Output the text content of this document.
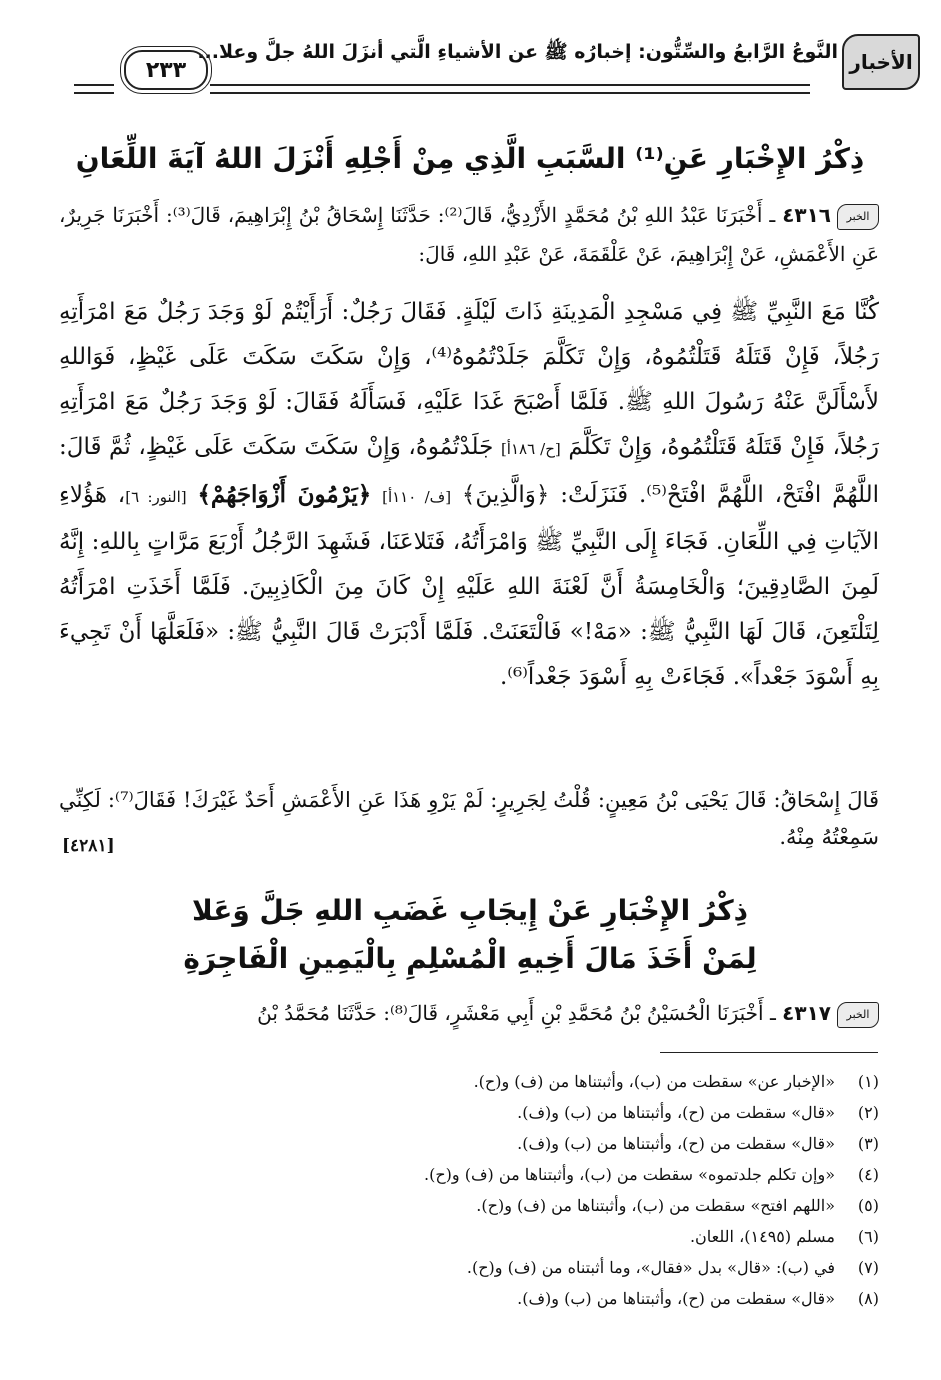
الأخبار
النَّوعُ الرَّابعُ والسِّتُّون: إخبارُه ﷺ عن الأشياءِ الَّتي أنزَلَ اللهُ جلَّ وعلا...
٢٣٣
ذِكْرُ الإِخْبَارِ عَنِ⁽¹⁾ السَّبَبِ الَّذِي مِنْ أَجْلِهِ أَنْزَلَ اللهُ آيَةَ اللِّعَانِ
الخبر٤٣١٦ ـ أَخْبَرَنَا عَبْدُ اللهِ بْنُ مُحَمَّدٍ الأَزْدِيُّ، قَالَ⁽²⁾: حَدَّثَنَا إِسْحَاقُ بْنُ إِبْرَاهِيمَ، قَالَ⁽³⁾: أَخْبَرَنَا جَرِيرٌ، عَنِ الأَعْمَشِ، عَنْ إِبْرَاهِيمَ، عَنْ عَلْقَمَةَ، عَنْ عَبْدِ اللهِ، قَالَ:
كُنَّا مَعَ النَّبِيِّ ﷺ فِي مَسْجِدِ الْمَدِينَةِ ذَاتَ لَيْلَةٍ. فَقَالَ رَجُلٌ: أَرَأَيْتُمْ لَوْ وَجَدَ رَجُلٌ مَعَ امْرَأَتِهِ رَجُلاً، فَإِنْ قَتَلَهُ قَتَلْتُمُوهُ، وَإِنْ تَكَلَّمَ جَلَدْتُمُوهُ⁽⁴⁾، وَإِنْ سَكَتَ سَكَتَ عَلَى غَيْظٍ، فَوَاللهِ لأَسْأَلَنَّ عَنْهُ رَسُولَ اللهِ ﷺ. فَلَمَّا أَصْبَحَ غَدَا عَلَيْهِ، فَسَأَلَهُ فَقَالَ: لَوْ وَجَدَ رَجُلٌ مَعَ امْرَأَتِهِ رَجُلاً، فَإِنْ قَتَلَهُ قَتَلْتُمُوهُ، وَإِنْ تَكَلَّمَ [ح/ ١٨٦أ] جَلَدْتُمُوهُ، وَإِنْ سَكَتَ سَكَتَ عَلَى غَيْظٍ، ثُمَّ قَالَ: اللَّهُمَّ افْتَحْ، اللَّهُمَّ افْتَحْ⁽⁵⁾. فَنَزَلَتْ: ﴿وَالَّذِينَ﴾ [ف/ ١١٠أ] ﴿يَرْمُونَ أَزْوَاجَهُمْ﴾ [النور: ٦]، هَؤُلاءِ الآيَاتِ فِي اللِّعَانِ. فَجَاءَ إِلَى النَّبِيِّ ﷺ وَامْرَأَتُهُ، فَتَلاعَنَا، فَشَهِدَ الرَّجُلُ أَرْبَعَ مَرَّاتٍ بِاللهِ: إِنَّهُ لَمِنَ الصَّادِقِينَ؛ وَالْخَامِسَةُ أَنَّ لَعْنَةَ اللهِ عَلَيْهِ إِنْ كَانَ مِنَ الْكَاذِبِينَ. فَلَمَّا أَخَذَتِ امْرَأَتُهُ لِتَلْتَعِنَ، قَالَ لَهَا النَّبِيُّ ﷺ: «مَهْ!» فَالْتَعَنَتْ. فَلَمَّا أَدْبَرَتْ قَالَ النَّبِيُّ ﷺ: «فَلَعَلَّهَا أَنْ تَجِيءَ بِهِ أَسْوَدَ جَعْداً». فَجَاءَتْ بِهِ أَسْوَدَ جَعْداً⁽⁶⁾.
قَالَ إِسْحَاقُ: قَالَ يَحْيَى بْنُ مَعِينٍ: قُلْتُ لِجَرِيرٍ: لَمْ يَرْوِ هَذَا عَنِ الأَعْمَشِ أَحَدٌ غَيْرَكَ! فَقَالَ⁽⁷⁾: لَكِنِّي سَمِعْتُهُ مِنْهُ.
[٤٢٨١]
ذِكْرُ الإِخْبَارِ عَنْ إِيجَابِ غَضَبِ اللهِ جَلَّ وَعَلا
لِمَنْ أَخَذَ مَالَ أَخِيهِ الْمُسْلِمِ بِالْيَمِينِ الْفَاجِرَةِ
الخبر٤٣١٧ ـ أَخْبَرَنَا الْحُسَيْنُ بْنُ مُحَمَّدِ بْنِ أَبِي مَعْشَرٍ، قَالَ⁽⁸⁾: حَدَّثَنَا مُحَمَّدُ بْنُ
(١)
«الإخبار عن» سقطت من (ب)، وأثبتناها من (ف) و(ح).
(٢)
«قال» سقطت من (ح)، وأثبتناها من (ب) و(ف).
(٣)
«قال» سقطت من (ح)، وأثبتناها من (ب) و(ف).
(٤)
«وإن تكلم جلدتموه» سقطت من (ب)، وأثبتناها من (ف) و(ح).
(٥)
«اللهم افتح» سقطت من (ب)، وأثبتناها من (ف) و(ح).
(٦)
مسلم (١٤٩٥)، اللعان.
(٧)
في (ب): «قال» بدل «فقال»، وما أثبتناه من (ف) و(ح).
(٨)
«قال» سقطت من (ح)، وأثبتناها من (ب) و(ف).
